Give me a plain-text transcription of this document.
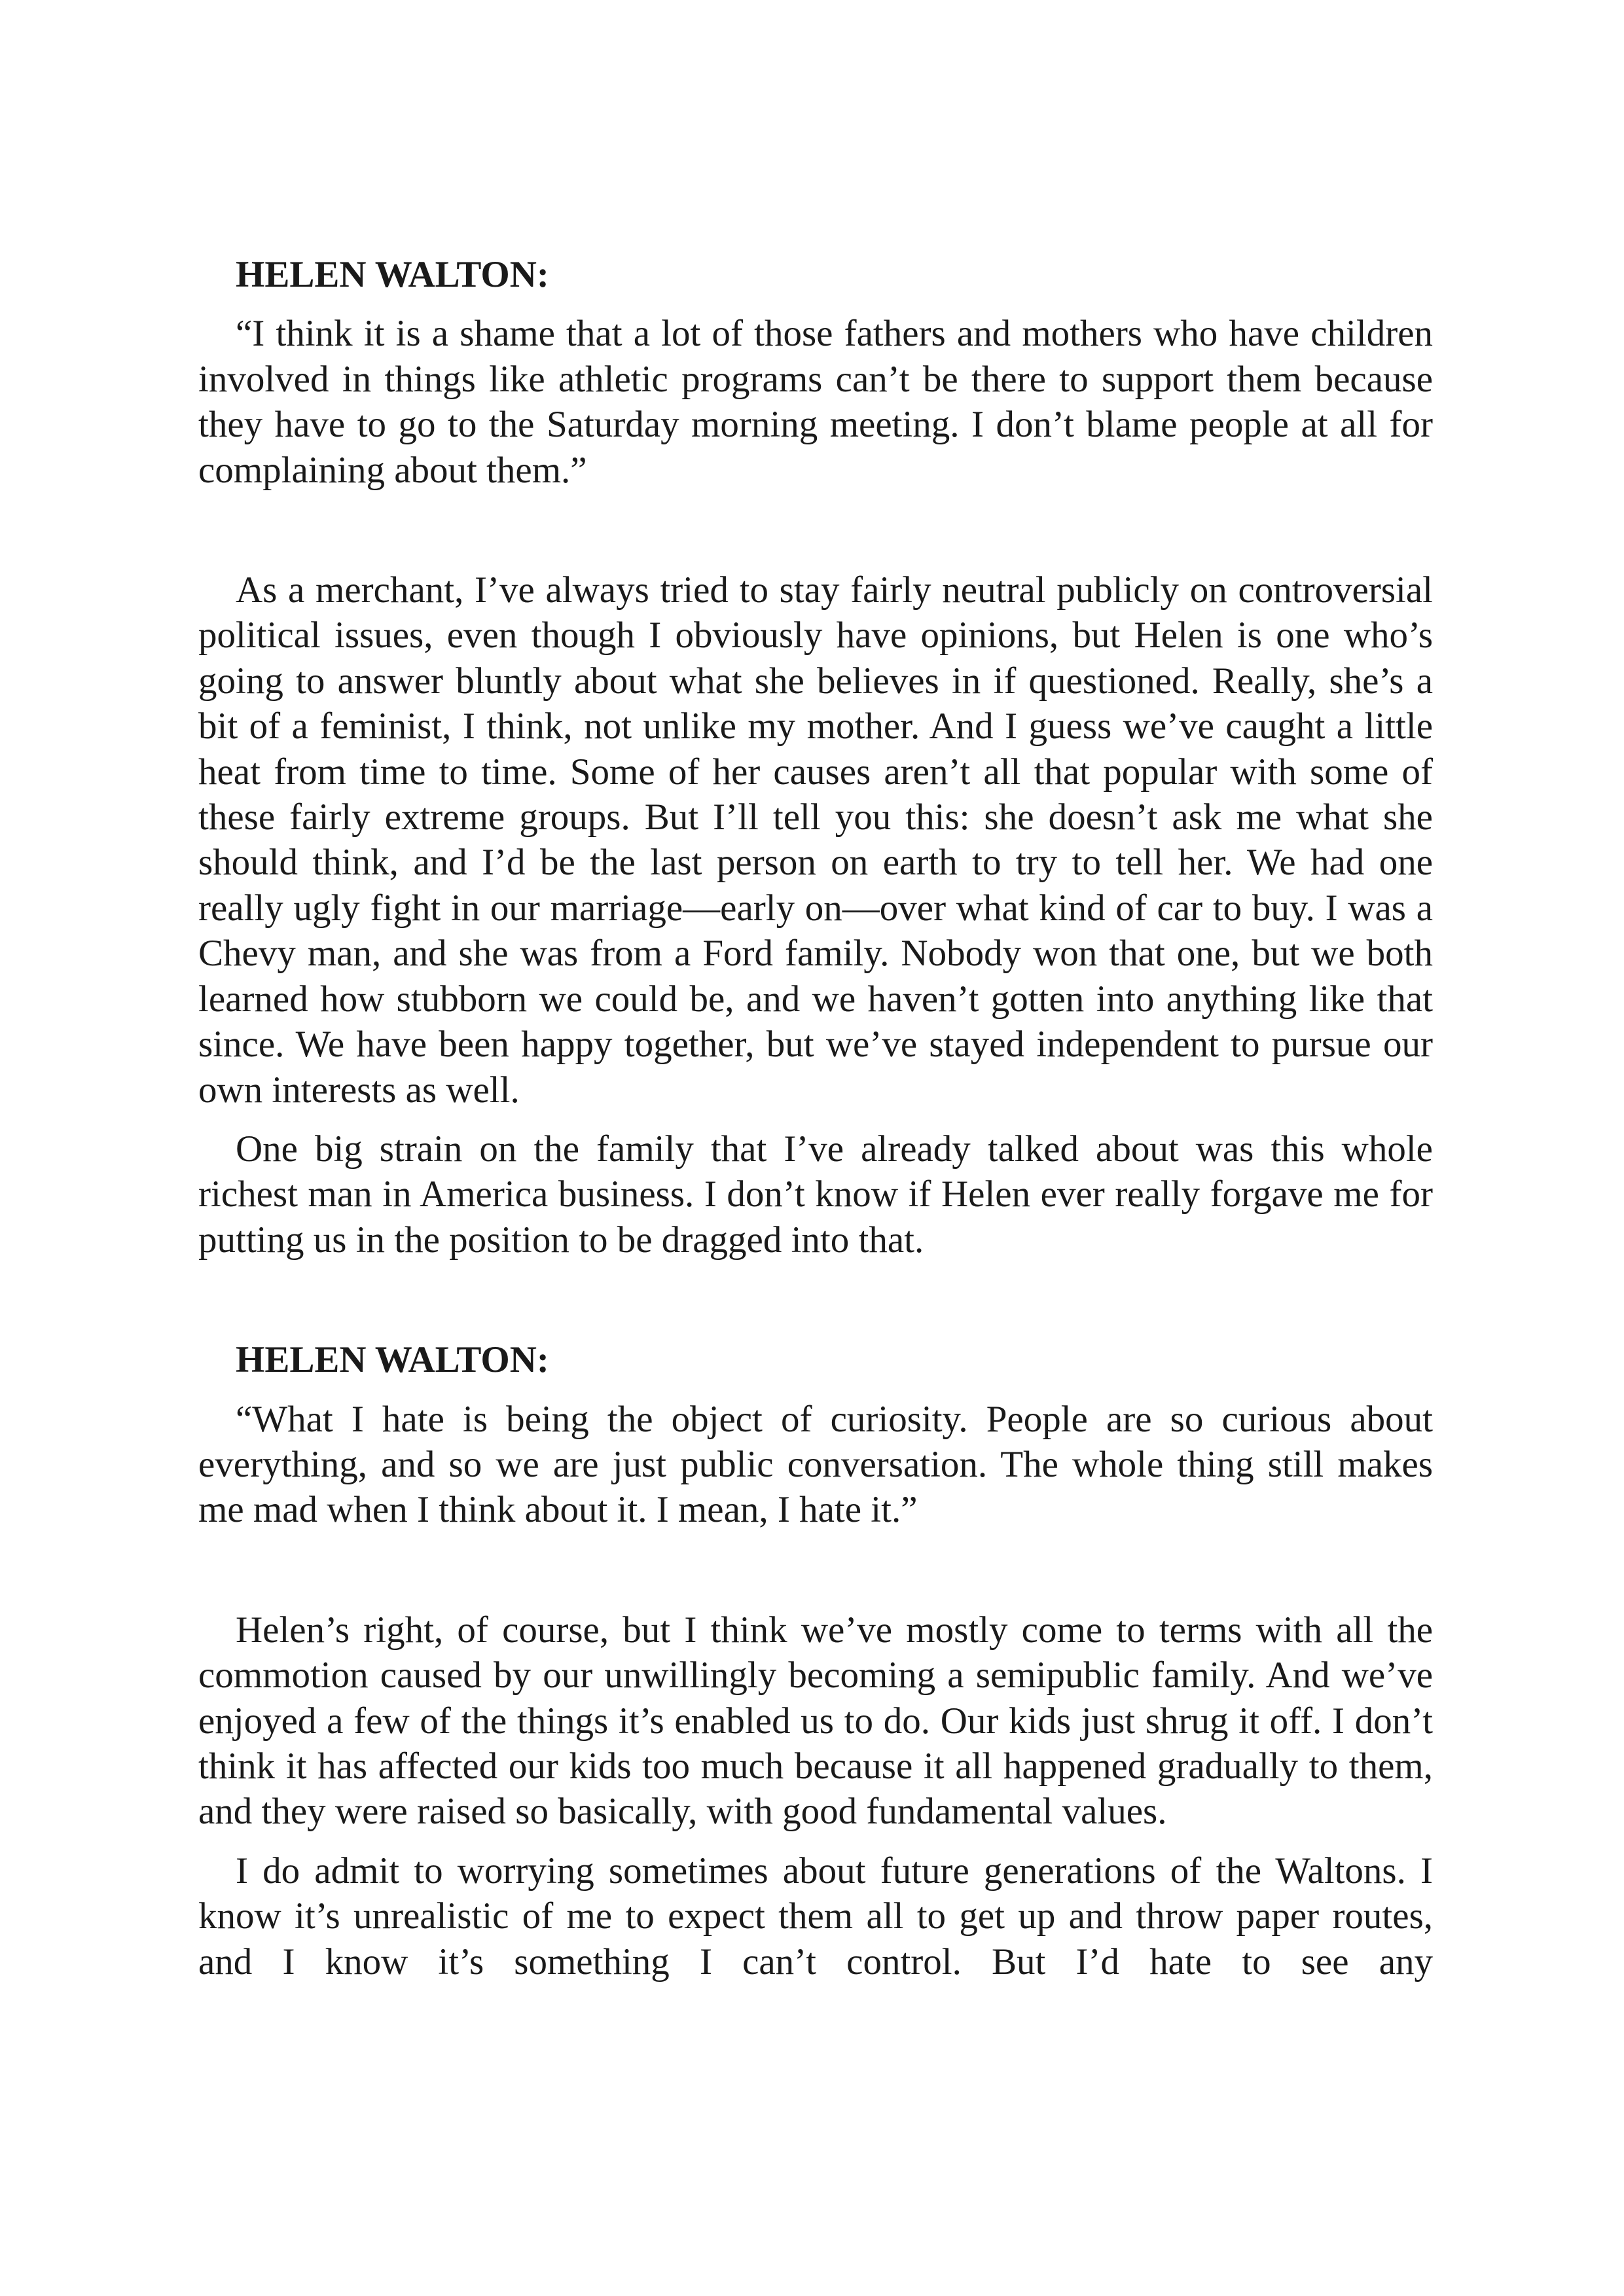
HELEN WALTON:
“I think it is a shame that a lot of those fathers and mothers who have children involved in things like athletic programs can’t be there to support them because they have to go to the Saturday morning meeting. I don’t blame people at all for complaining about them.”
As a merchant, I’ve always tried to stay fairly neutral publicly on controversial political issues, even though I obviously have opinions, but Helen is one who’s going to answer bluntly about what she believes in if questioned. Really, she’s a bit of a feminist, I think, not unlike my mother. And I guess we’ve caught a little heat from time to time. Some of her causes aren’t all that popular with some of these fairly extreme groups. But I’ll tell you this: she doesn’t ask me what she should think, and I’d be the last person on earth to try to tell her. We had one really ugly fight in our marriage—early on—over what kind of car to buy. I was a Chevy man, and she was from a Ford family. Nobody won that one, but we both learned how stubborn we could be, and we haven’t gotten into anything like that since. We have been happy together, but we’ve stayed independent to pursue our own interests as well.
One big strain on the family that I’ve already talked about was this whole richest man in America business. I don’t know if Helen ever really forgave me for putting us in the position to be dragged into that.
HELEN WALTON:
“What I hate is being the object of curiosity. People are so curious about everything, and so we are just public conversation. The whole thing still makes me mad when I think about it. I mean, I hate it.”
Helen’s right, of course, but I think we’ve mostly come to terms with all the commotion caused by our unwillingly becoming a semipublic family. And we’ve enjoyed a few of the things it’s enabled us to do. Our kids just shrug it off. I don’t think it has affected our kids too much because it all happened gradually to them, and they were raised so basically, with good fundamental values.
I do admit to worrying sometimes about future generations of the Waltons. I know it’s unrealistic of me to expect them all to get up and throw paper routes, and I know it’s something I can’t control. But I’d hate to see any
